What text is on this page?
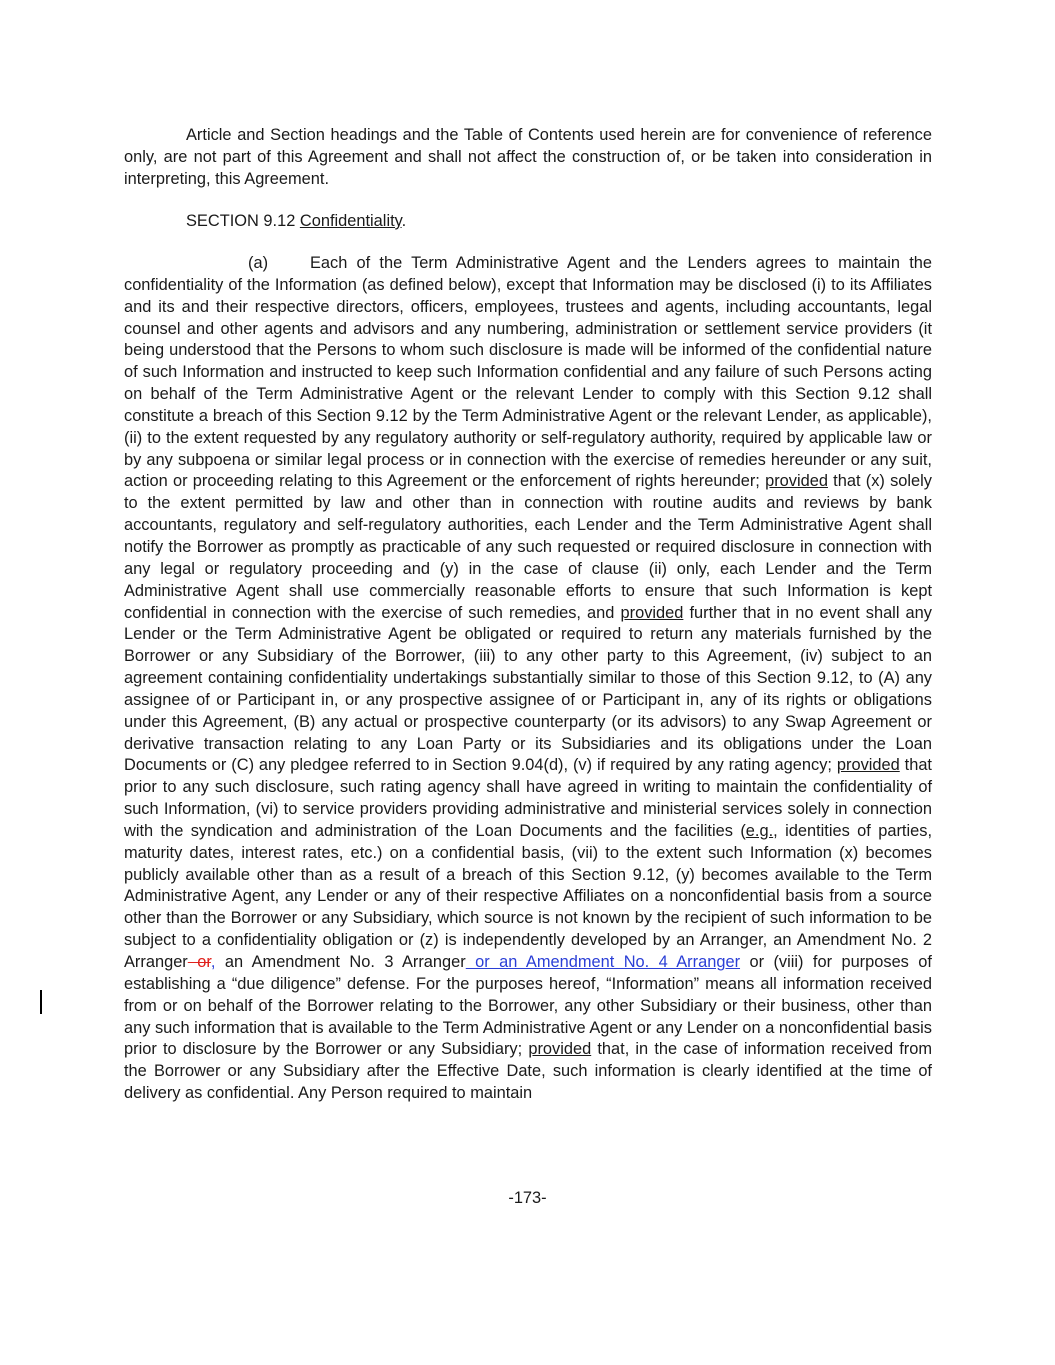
Article and Section headings and the Table of Contents used herein are for convenience of reference only, are not part of this Agreement and shall not affect the construction of, or be taken into consideration in interpreting, this Agreement.

SECTION 9.12 Confidentiality.

(a)	Each of the Term Administrative Agent and the Lenders agrees to maintain the confidentiality of the Information (as defined below), except that Information may be disclosed (i) to its Affiliates and its and their respective directors, officers, employees, trustees and agents, including accountants, legal counsel and other agents and advisors and any numbering, administration or settlement service providers (it being understood that the Persons to whom such disclosure is made will be informed of the confidential nature of such Information and instructed to keep such Information confidential and any failure of such Persons acting on behalf of the Term Administrative Agent or the relevant Lender to comply with this Section 9.12 shall constitute a breach of this Section 9.12 by the Term Administrative Agent or the relevant Lender, as applicable), (ii) to the extent requested by any regulatory authority or self-regulatory authority, required by applicable law or by any subpoena or similar legal process or in connection with the exercise of remedies hereunder or any suit, action or proceeding relating to this Agreement or the enforcement of rights hereunder; provided that (x) solely to the extent permitted by law and other than in connection with routine audits and reviews by bank accountants, regulatory and self-regulatory authorities, each Lender and the Term Administrative Agent shall notify the Borrower as promptly as practicable of any such requested or required disclosure in connection with any legal or regulatory proceeding and (y) in the case of clause (ii) only, each Lender and the Term Administrative Agent shall use commercially reasonable efforts to ensure that such Information is kept confidential in connection with the exercise of such remedies, and provided further that in no event shall any Lender or the Term Administrative Agent be obligated or required to return any materials furnished by the Borrower or any Subsidiary of the Borrower, (iii) to any other party to this Agreement, (iv) subject to an agreement containing confidentiality undertakings substantially similar to those of this Section 9.12, to (A) any assignee of or Participant in, or any prospective assignee of or Participant in, any of its rights or obligations under this Agreement, (B) any actual or prospective counterparty (or its advisors) to any Swap Agreement or derivative transaction relating to any Loan Party or its Subsidiaries and its obligations under the Loan Documents or (C) any pledgee referred to in Section 9.04(d), (v) if required by any rating agency; provided that prior to any such disclosure, such rating agency shall have agreed in writing to maintain the confidentiality of such Information, (vi) to service providers providing administrative and ministerial services solely in connection with the syndication and administration of the Loan Documents and the facilities (e.g., identities of parties, maturity dates, interest rates, etc.) on a confidential basis, (vii) to the extent such Information (x) becomes publicly available other than as a result of a breach of this Section 9.12, (y) becomes available to the Term Administrative Agent, any Lender or any of their respective Affiliates on a nonconfidential basis from a source other than the Borrower or any Subsidiary, which source is not known by the recipient of such information to be subject to a confidentiality obligation or (z) is independently developed by an Arranger, an Amendment No. 2 Arranger or, an Amendment No. 3 Arranger or an Amendment No. 4 Arranger or (viii) for purposes of establishing a “due diligence” defense. For the purposes hereof, “Information” means all information received from or on behalf of the Borrower relating to the Borrower, any other Subsidiary or their business, other than any such information that is available to the Term Administrative Agent or any Lender on a nonconfidential basis prior to disclosure by the Borrower or any Subsidiary; provided that, in the case of information received from the Borrower or any Subsidiary after the Effective Date, such information is clearly identified at the time of delivery as confidential. Any Person required to maintain

-173-
